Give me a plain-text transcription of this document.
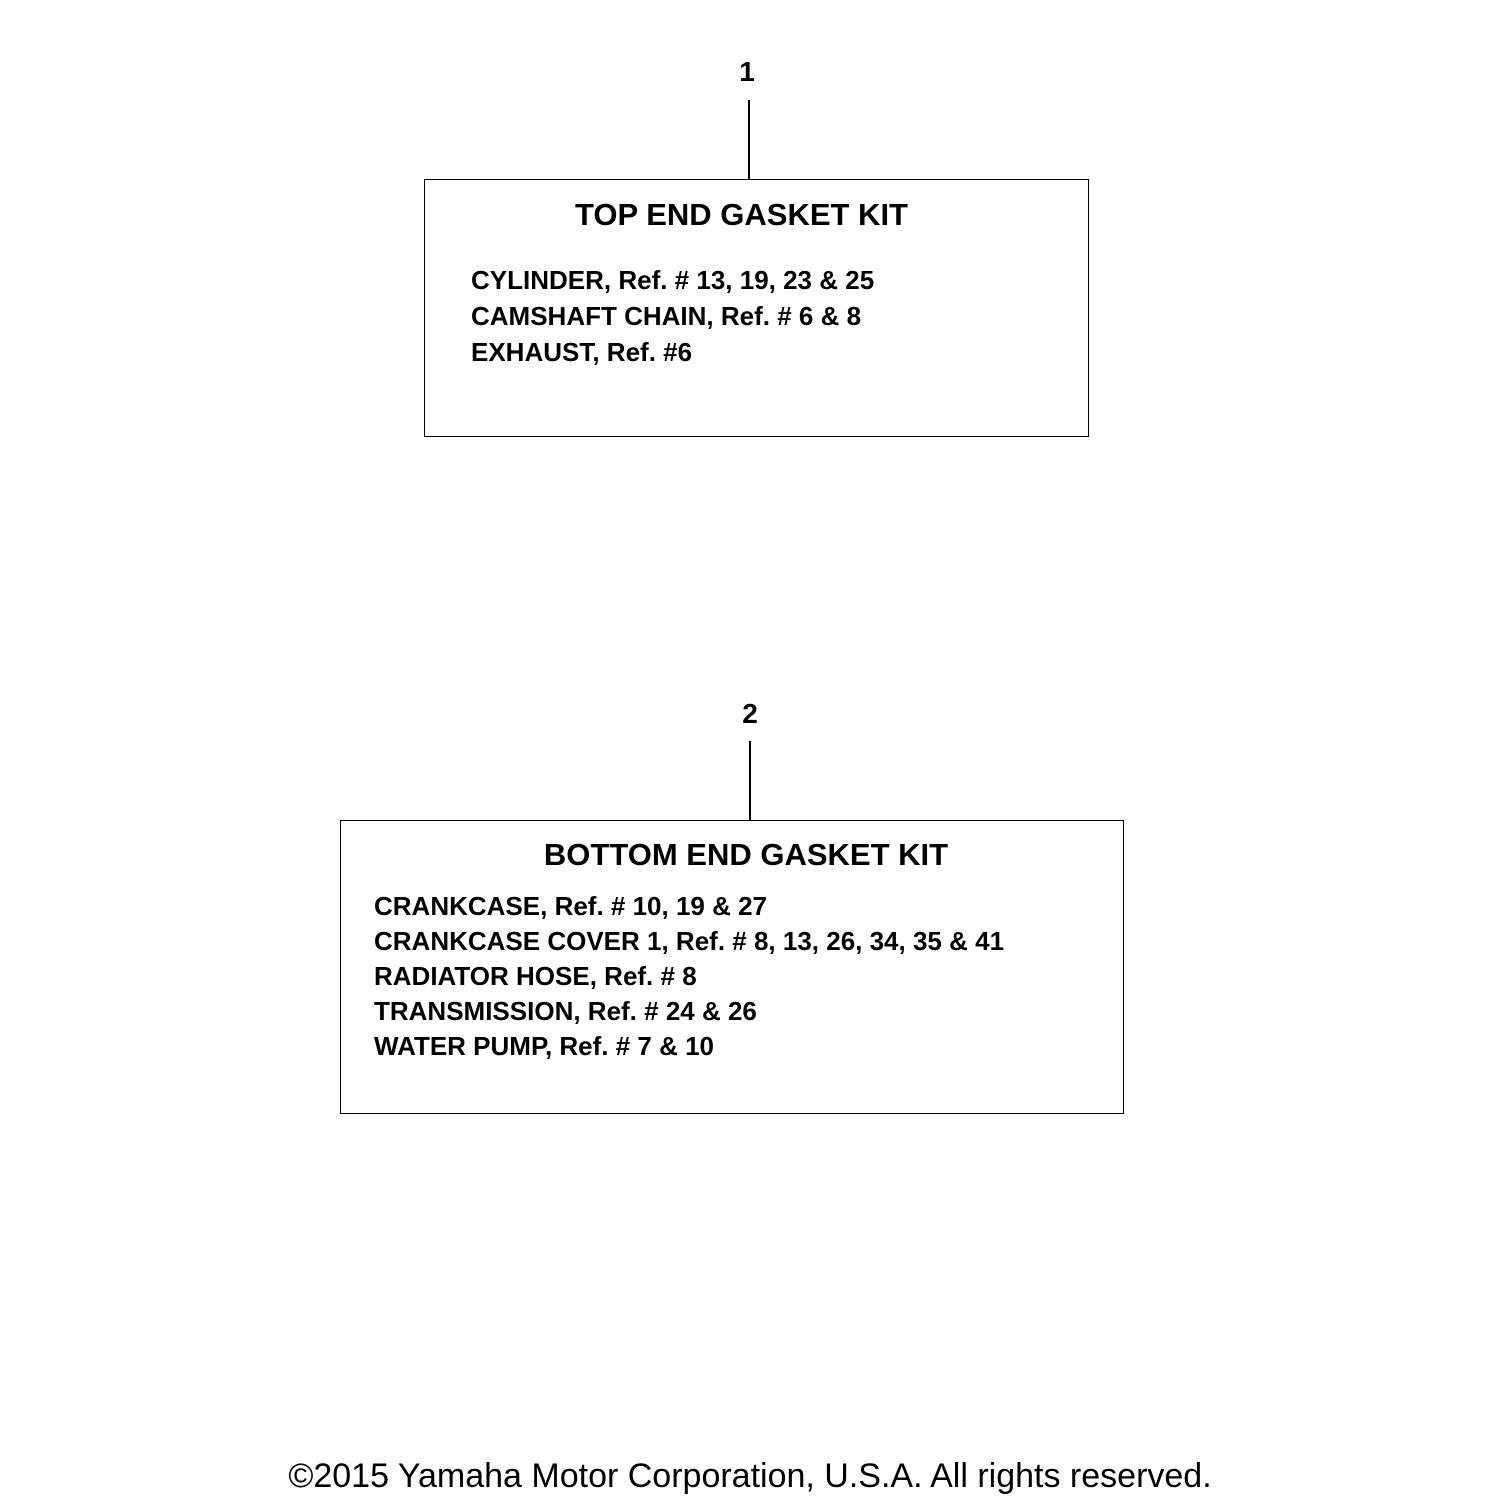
1
TOP END GASKET KIT
CYLINDER, Ref. # 13, 19, 23 & 25
CAMSHAFT CHAIN, Ref. # 6 & 8
EXHAUST, Ref. #6
2
BOTTOM END GASKET KIT
CRANKCASE, Ref. # 10, 19 & 27
CRANKCASE COVER 1, Ref. # 8, 13, 26, 34, 35 & 41
RADIATOR HOSE, Ref. # 8
TRANSMISSION, Ref. # 24 & 26
WATER PUMP, Ref. # 7 & 10
©2015 Yamaha Motor Corporation, U.S.A. All rights reserved.
